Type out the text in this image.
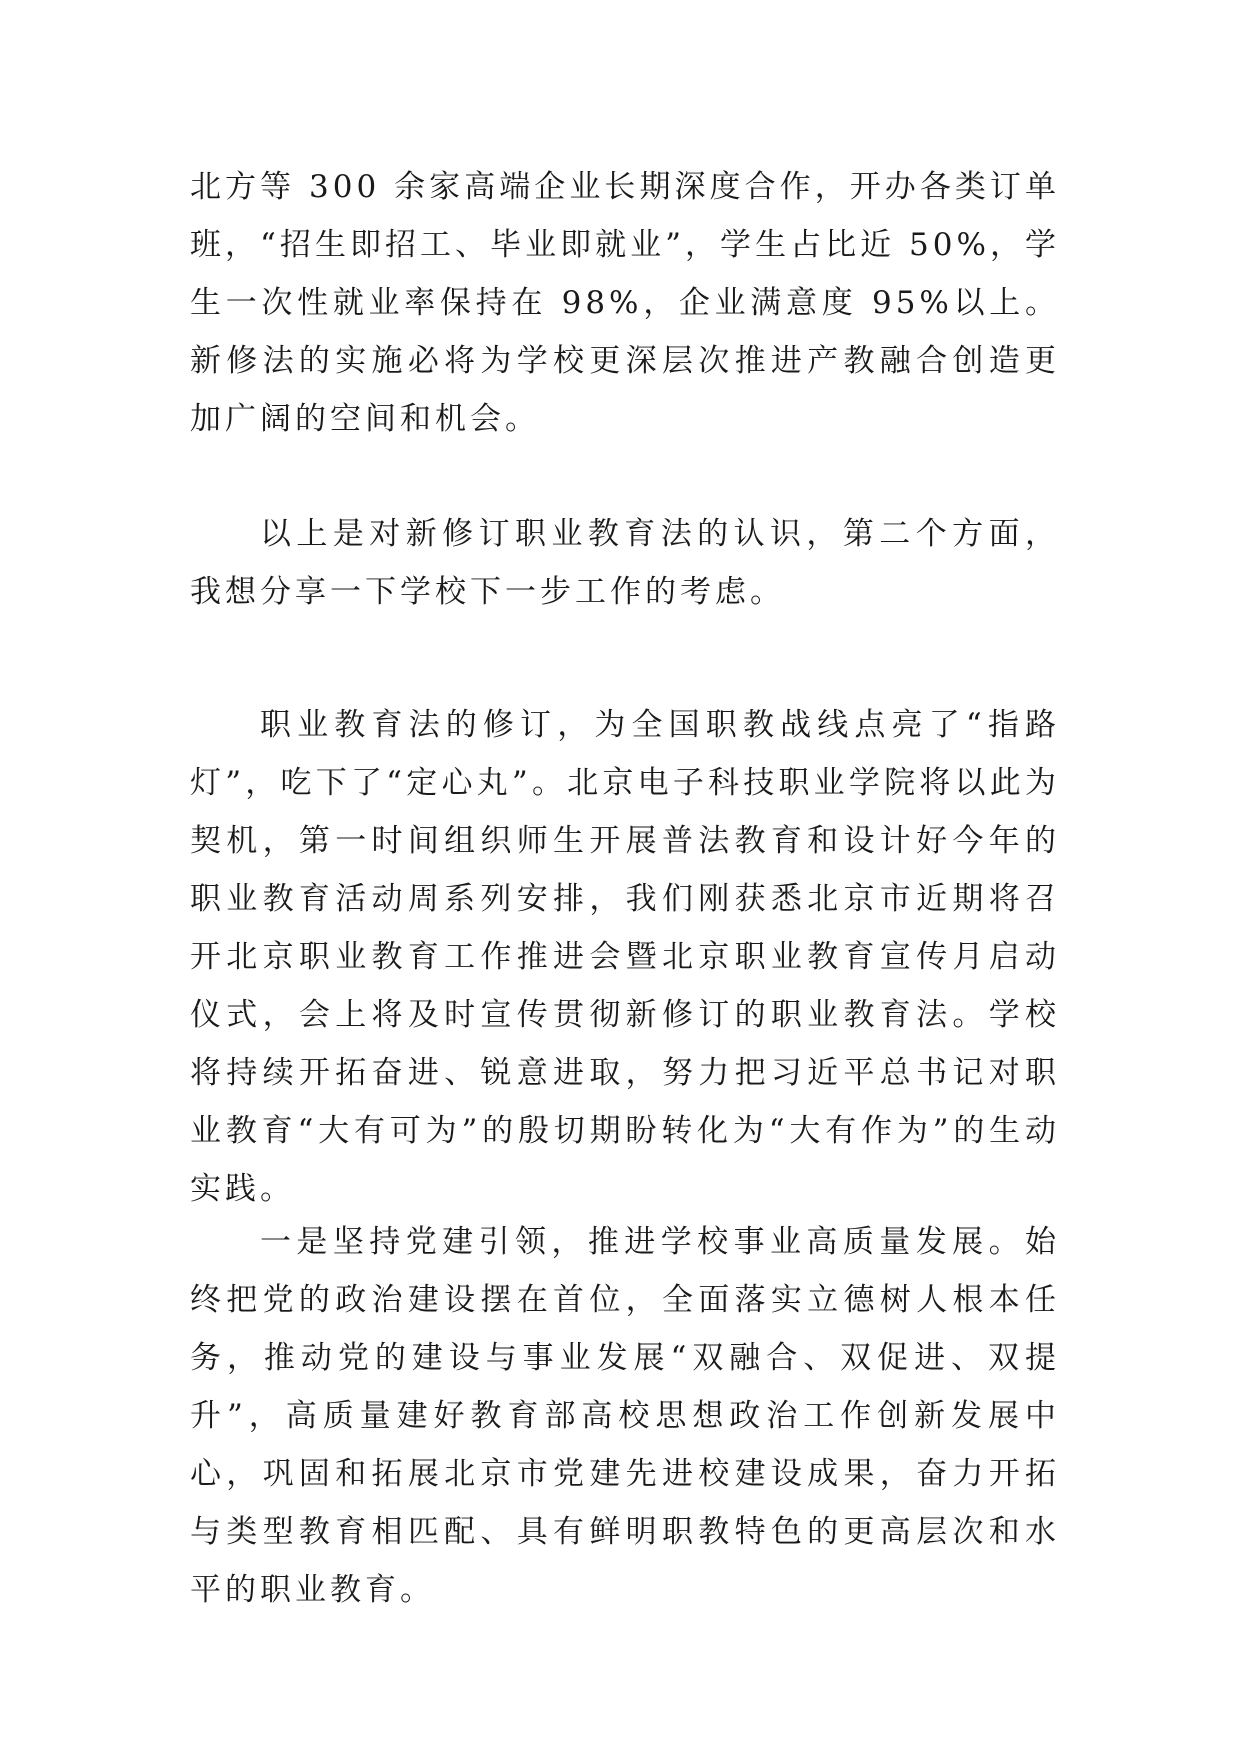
北方等 300 余家高端企业长期深度合作，开办各类订单班，“招生即招工、毕业即就业”，学生占比近 50%，学生一次性就业率保持在 98%，企业满意度 95%以上。新修法的实施必将为学校更深层次推进产教融合创造更加广阔的空间和机会。

以上是对新修订职业教育法的认识，第二个方面，我想分享一下学校下一步工作的考虑。

职业教育法的修订，为全国职教战线点亮了“指路灯”，吃下了“定心丸”。北京电子科技职业学院将以此为契机，第一时间组织师生开展普法教育和设计好今年的职业教育活动周系列安排，我们刚获悉北京市近期将召开北京职业教育工作推进会暨北京职业教育宣传月启动仪式，会上将及时宣传贯彻新修订的职业教育法。学校将持续开拓奋进、锐意进取，努力把习近平总书记对职业教育“大有可为”的殷切期盼转化为“大有作为”的生动实践。

一是坚持党建引领，推进学校事业高质量发展。始终把党的政治建设摆在首位，全面落实立德树人根本任务，推动党的建设与事业发展“双融合、双促进、双提升”，高质量建好教育部高校思想政治工作创新发展中心，巩固和拓展北京市党建先进校建设成果，奋力开拓与类型教育相匹配、具有鲜明职教特色的更高层次和水平的职业教育。
